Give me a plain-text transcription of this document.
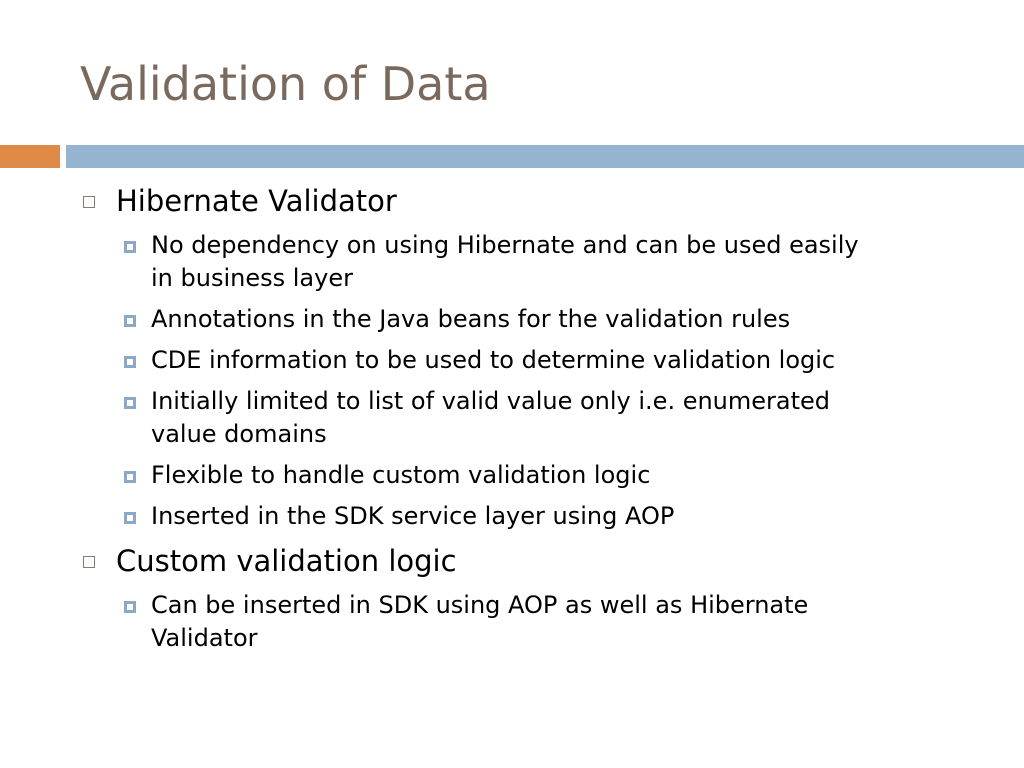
Validation of Data
Hibernate Validator
No dependency on using Hibernate and can be used easily
in business layer
Annotations in the Java beans for the validation rules
CDE information to be used to determine validation logic
Initially limited to list of valid value only i.e. enumerated
value domains
Flexible to handle custom validation logic
Inserted in the SDK service layer using AOP
Custom validation logic
Can be inserted in SDK using AOP as well as Hibernate
Validator
